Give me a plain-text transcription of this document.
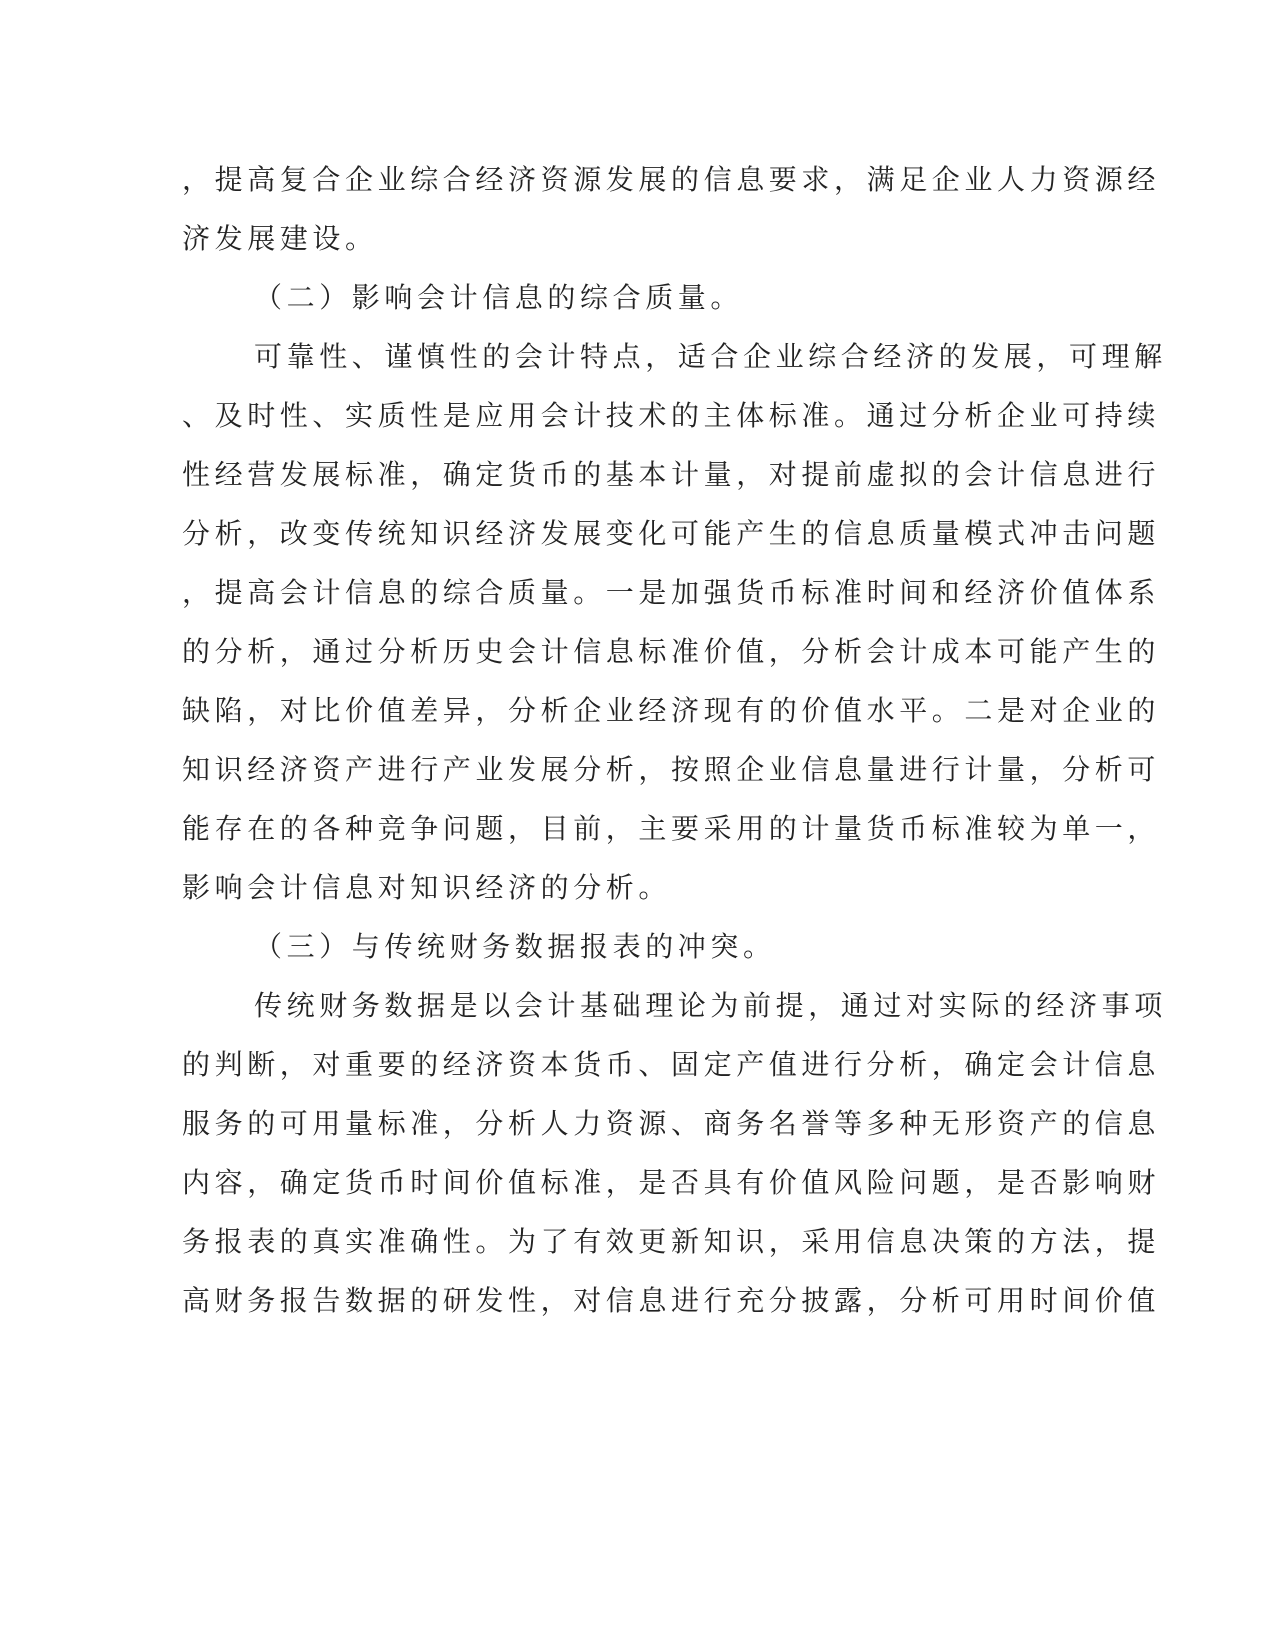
，提高复合企业综合经济资源发展的信息要求，满足企业人力资源经
济发展建设。
（二）影响会计信息的综合质量。
可靠性、谨慎性的会计特点，适合企业综合经济的发展，可理解
、及时性、实质性是应用会计技术的主体标准。通过分析企业可持续
性经营发展标准，确定货币的基本计量，对提前虚拟的会计信息进行
分析，改变传统知识经济发展变化可能产生的信息质量模式冲击问题
，提高会计信息的综合质量。一是加强货币标准时间和经济价值体系
的分析，通过分析历史会计信息标准价值，分析会计成本可能产生的
缺陷，对比价值差异，分析企业经济现有的价值水平。二是对企业的
知识经济资产进行产业发展分析，按照企业信息量进行计量，分析可
能存在的各种竞争问题，目前，主要采用的计量货币标准较为单一，
影响会计信息对知识经济的分析。
（三）与传统财务数据报表的冲突。
传统财务数据是以会计基础理论为前提，通过对实际的经济事项
的判断，对重要的经济资本货币、固定产值进行分析，确定会计信息
服务的可用量标准，分析人力资源、商务名誉等多种无形资产的信息
内容，确定货币时间价值标准，是否具有价值风险问题，是否影响财
务报表的真实准确性。为了有效更新知识，采用信息决策的方法，提
高财务报告数据的研发性，对信息进行充分披露，分析可用时间价值
